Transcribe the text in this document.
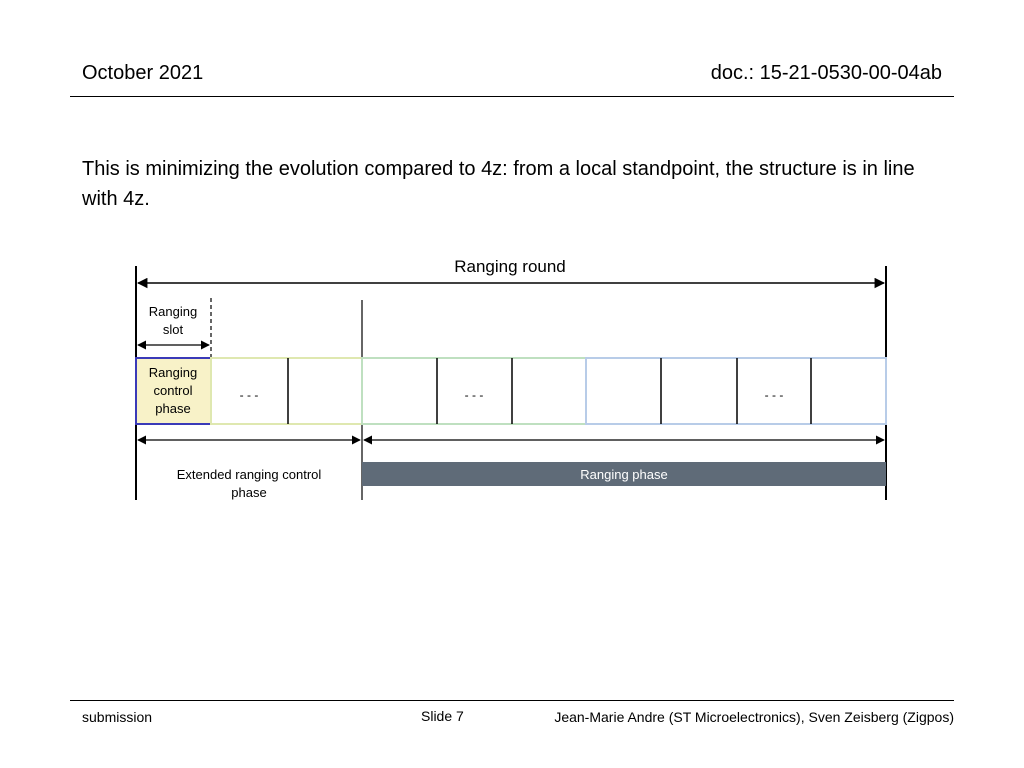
October 2021	doc.: 15-21-0530-00-04ab
This is minimizing the evolution compared to 4z: from a local standpoint, the structure is in line with 4z.
Ranging round
Ranging
slot
Ranging
control
phase
- - -	- - -	- - -
Extended ranging control
phase
Ranging phase
submission	Slide 7	Jean-Marie Andre (ST Microelectronics), Sven Zeisberg (Zigpos)
